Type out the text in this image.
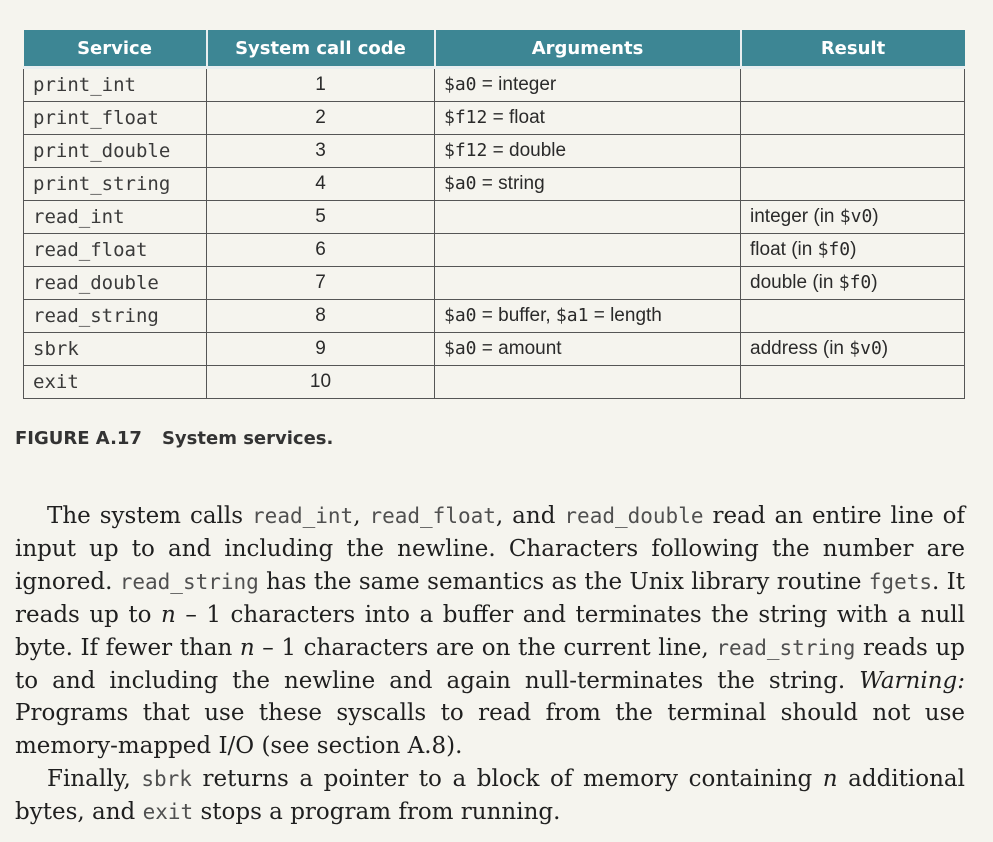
Service	System call code	Arguments	Result
print_int	1	$a0 = integer	
print_float	2	$f12 = float	
print_double	3	$f12 = double	
print_string	4	$a0 = string	
read_int	5		integer (in $v0)
read_float	6		float (in $f0)
read_double	7		double (in $f0)
read_string	8	$a0 = buffer, $a1 = length	
sbrk	9	$a0 = amount	address (in $v0)
exit	10		
FIGURE A.17 System services.

The system calls read_int, read_float, and read_double read an entire line of input up to and including the newline. Characters following the number are ignored. read_string has the same semantics as the Unix library routine fgets. It reads up to n – 1 characters into a buffer and terminates the string with a null byte. If fewer than n – 1 characters are on the current line, read_string reads up to and including the newline and again null-terminates the string. Warning: Programs that use these syscalls to read from the terminal should not use memory-mapped I/O (see section A.8).

Finally, sbrk returns a pointer to a block of memory containing n additional bytes, and exit stops a program from running.
